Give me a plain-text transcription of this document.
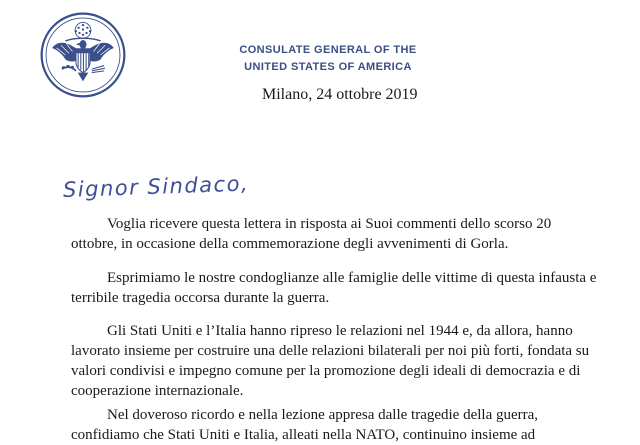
CONSULATE GENERAL OF THE
UNITED STATES OF AMERICA
Milano, 24 ottobre 2019
Signor Sindaco,

Voglia ricevere questa lettera in risposta ai Suoi commenti dello scorso 20 ottobre, in occasione della commemorazione degli avvenimenti di Gorla.

Esprimiamo le nostre condoglianze alle famiglie delle vittime di questa infausta e terribile tragedia occorsa durante la guerra.

Gli Stati Uniti e l’Italia hanno ripreso le relazioni nel 1944 e, da allora, hanno lavorato insieme per costruire una delle relazioni bilaterali per noi più forti, fondata su valori condivisi e impegno comune per la promozione degli ideali di democrazia e di cooperazione internazionale.

Nel doveroso ricordo e nella lezione appresa dalle tragedie della guerra, confidiamo che Stati Uniti e Italia, alleati nella NATO, continuino insieme ad
